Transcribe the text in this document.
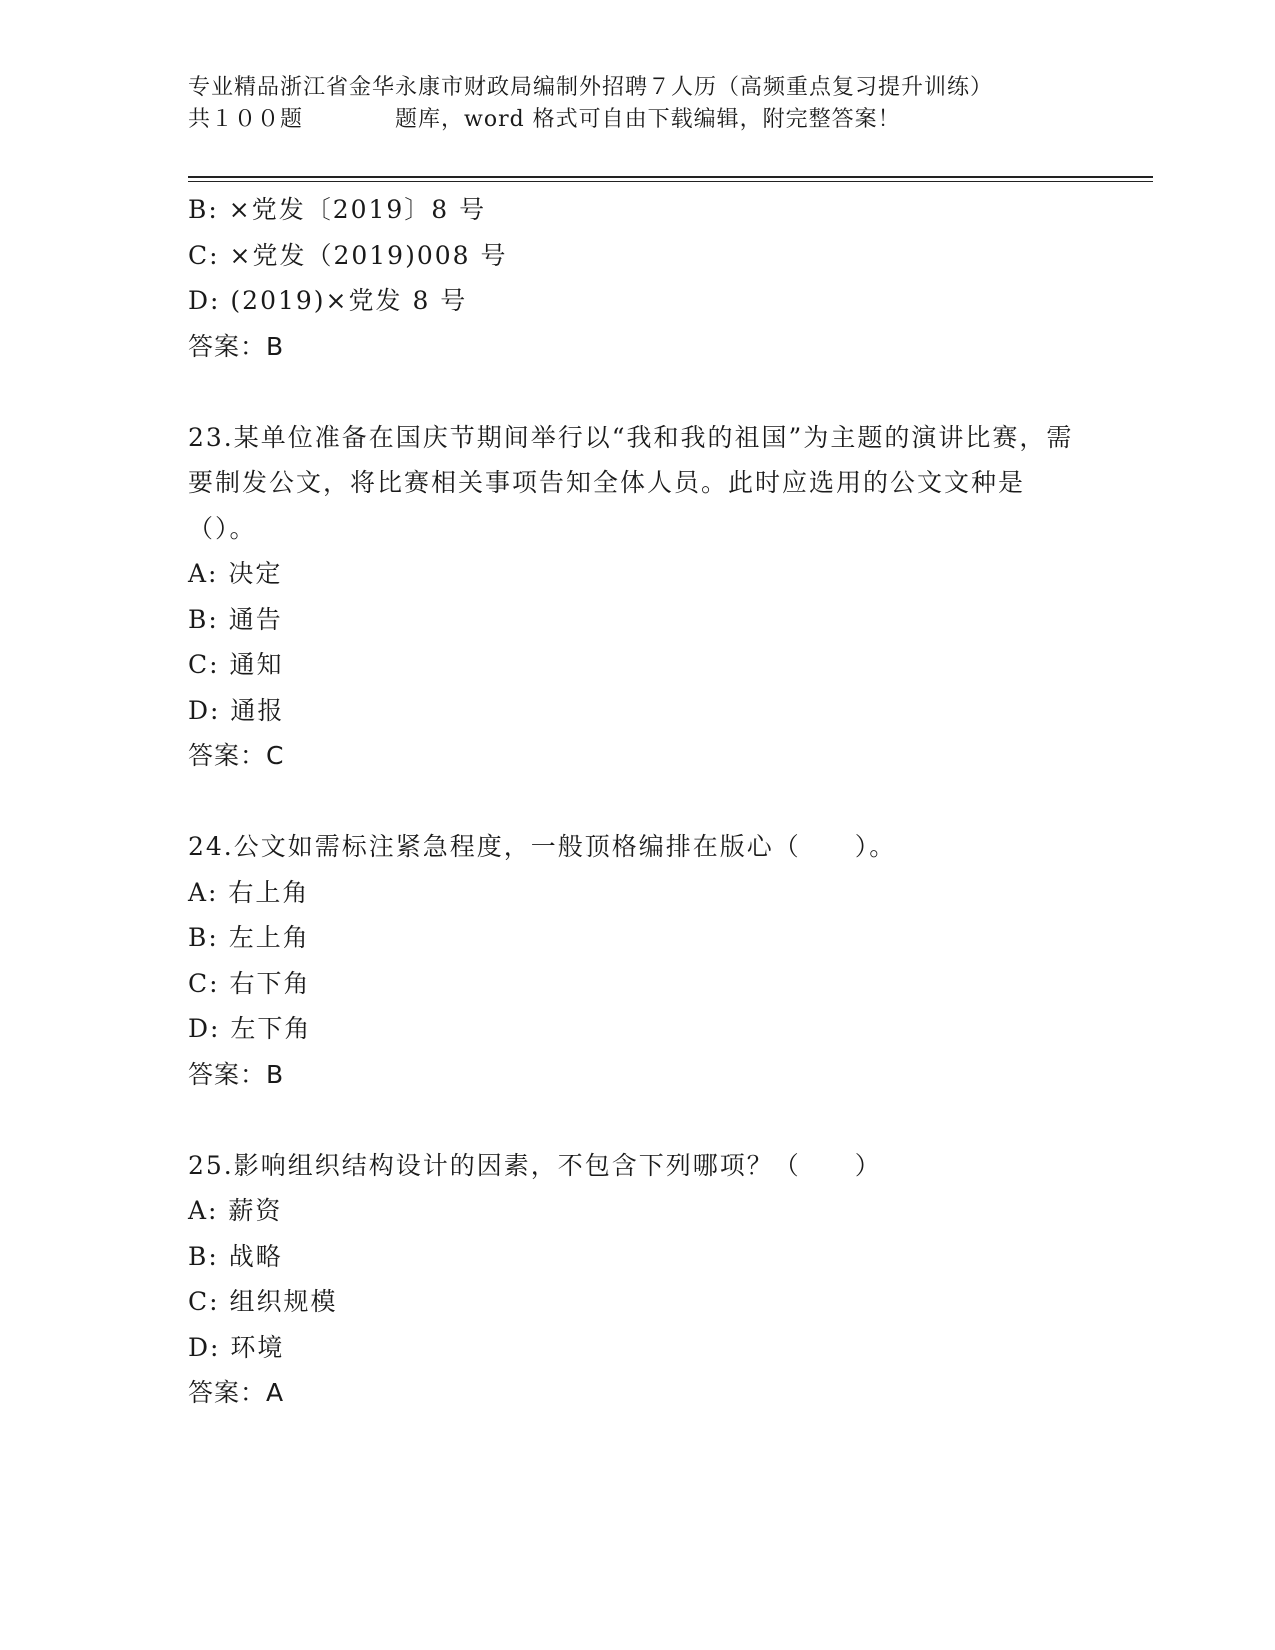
专业精品浙江省金华永康市财政局编制外招聘７人历（高频重点复习提升训练）
共１００题　　　　题库，word 格式可自由下载编辑，附完整答案！
B: ×党发〔2019〕8 号
C: ×党发（2019)008 号
D: (2019)×党发 8 号
答案：B
23.某单位准备在国庆节期间举行以“我和我的祖国”为主题的演讲比赛，需要制发公文，将比赛相关事项告知全体人员。此时应选用的公文文种是（）。
A: 决定
B: 通告
C: 通知
D: 通报
答案：C
24.公文如需标注紧急程度，一般顶格编排在版心（　　）。
A: 右上角
B: 左上角
C: 右下角
D: 左下角
答案：B
25.影响组织结构设计的因素，不包含下列哪项？（　　）
A: 薪资
B: 战略
C: 组织规模
D: 环境
答案：A
